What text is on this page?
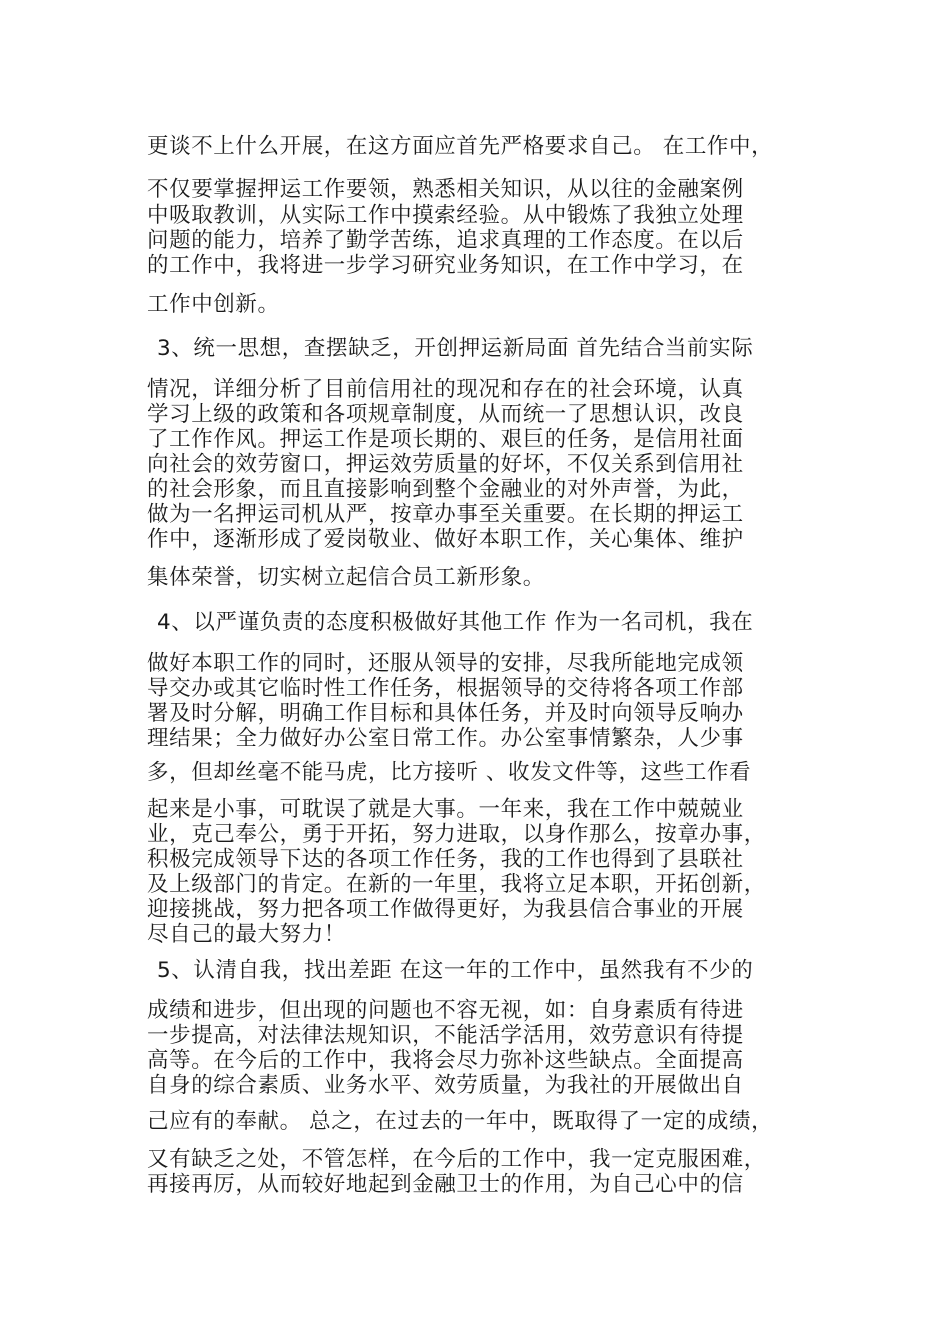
更谈不上什么开展，在这方面应首先严格要求自己。 在工作中，
不仅要掌握押运工作要领，熟悉相关知识，从以往的金融案例
中吸取教训，从实际工作中摸索经验。从中锻炼了我独立处理
问题的能力，培养了勤学苦练，追求真理的工作态度。在以后
的工作中，我将进一步学习研究业务知识，在工作中学习，在
工作中创新。
3、统一思想，查摆缺乏，开创押运新局面 首先结合当前实际
情况，详细分析了目前信用社的现况和存在的社会环境，认真
学习上级的政策和各项规章制度，从而统一了思想认识，改良
了工作作风。押运工作是项长期的、艰巨的任务，是信用社面
向社会的效劳窗口，押运效劳质量的好坏，不仅关系到信用社
的社会形象，而且直接影响到整个金融业的对外声誉，为此，
做为一名押运司机从严，按章办事至关重要。在长期的押运工
作中，逐渐形成了爱岗敬业、做好本职工作，关心集体、维护
集体荣誉，切实树立起信合员工新形象。
4、以严谨负责的态度积极做好其他工作 作为一名司机，我在
做好本职工作的同时，还服从领导的安排，尽我所能地完成领
导交办或其它临时性工作任务，根据领导的交待将各项工作部
署及时分解，明确工作目标和具体任务，并及时向领导反响办
理结果；全力做好办公室日常工作。办公室事情繁杂，人少事
多，但却丝毫不能马虎，比方接听 、收发文件等，这些工作看
起来是小事，可耽误了就是大事。一年来，我在工作中兢兢业
业，克己奉公，勇于开拓，努力进取，以身作那么，按章办事，
积极完成领导下达的各项工作任务，我的工作也得到了县联社
及上级部门的肯定。在新的一年里，我将立足本职，开拓创新，
迎接挑战，努力把各项工作做得更好，为我县信合事业的开展
尽自己的最大努力！
5、认清自我，找出差距 在这一年的工作中，虽然我有不少的
成绩和进步，但出现的问题也不容无视，如：自身素质有待进
一步提高，对法律法规知识，不能活学活用，效劳意识有待提
高等。在今后的工作中，我将会尽力弥补这些缺点。全面提高
自身的综合素质、业务水平、效劳质量，为我社的开展做出自
己应有的奉献。 总之，在过去的一年中，既取得了一定的成绩，
又有缺乏之处，不管怎样，在今后的工作中，我一定克服困难，
再接再厉，从而较好地起到金融卫士的作用，为自己心中的信
